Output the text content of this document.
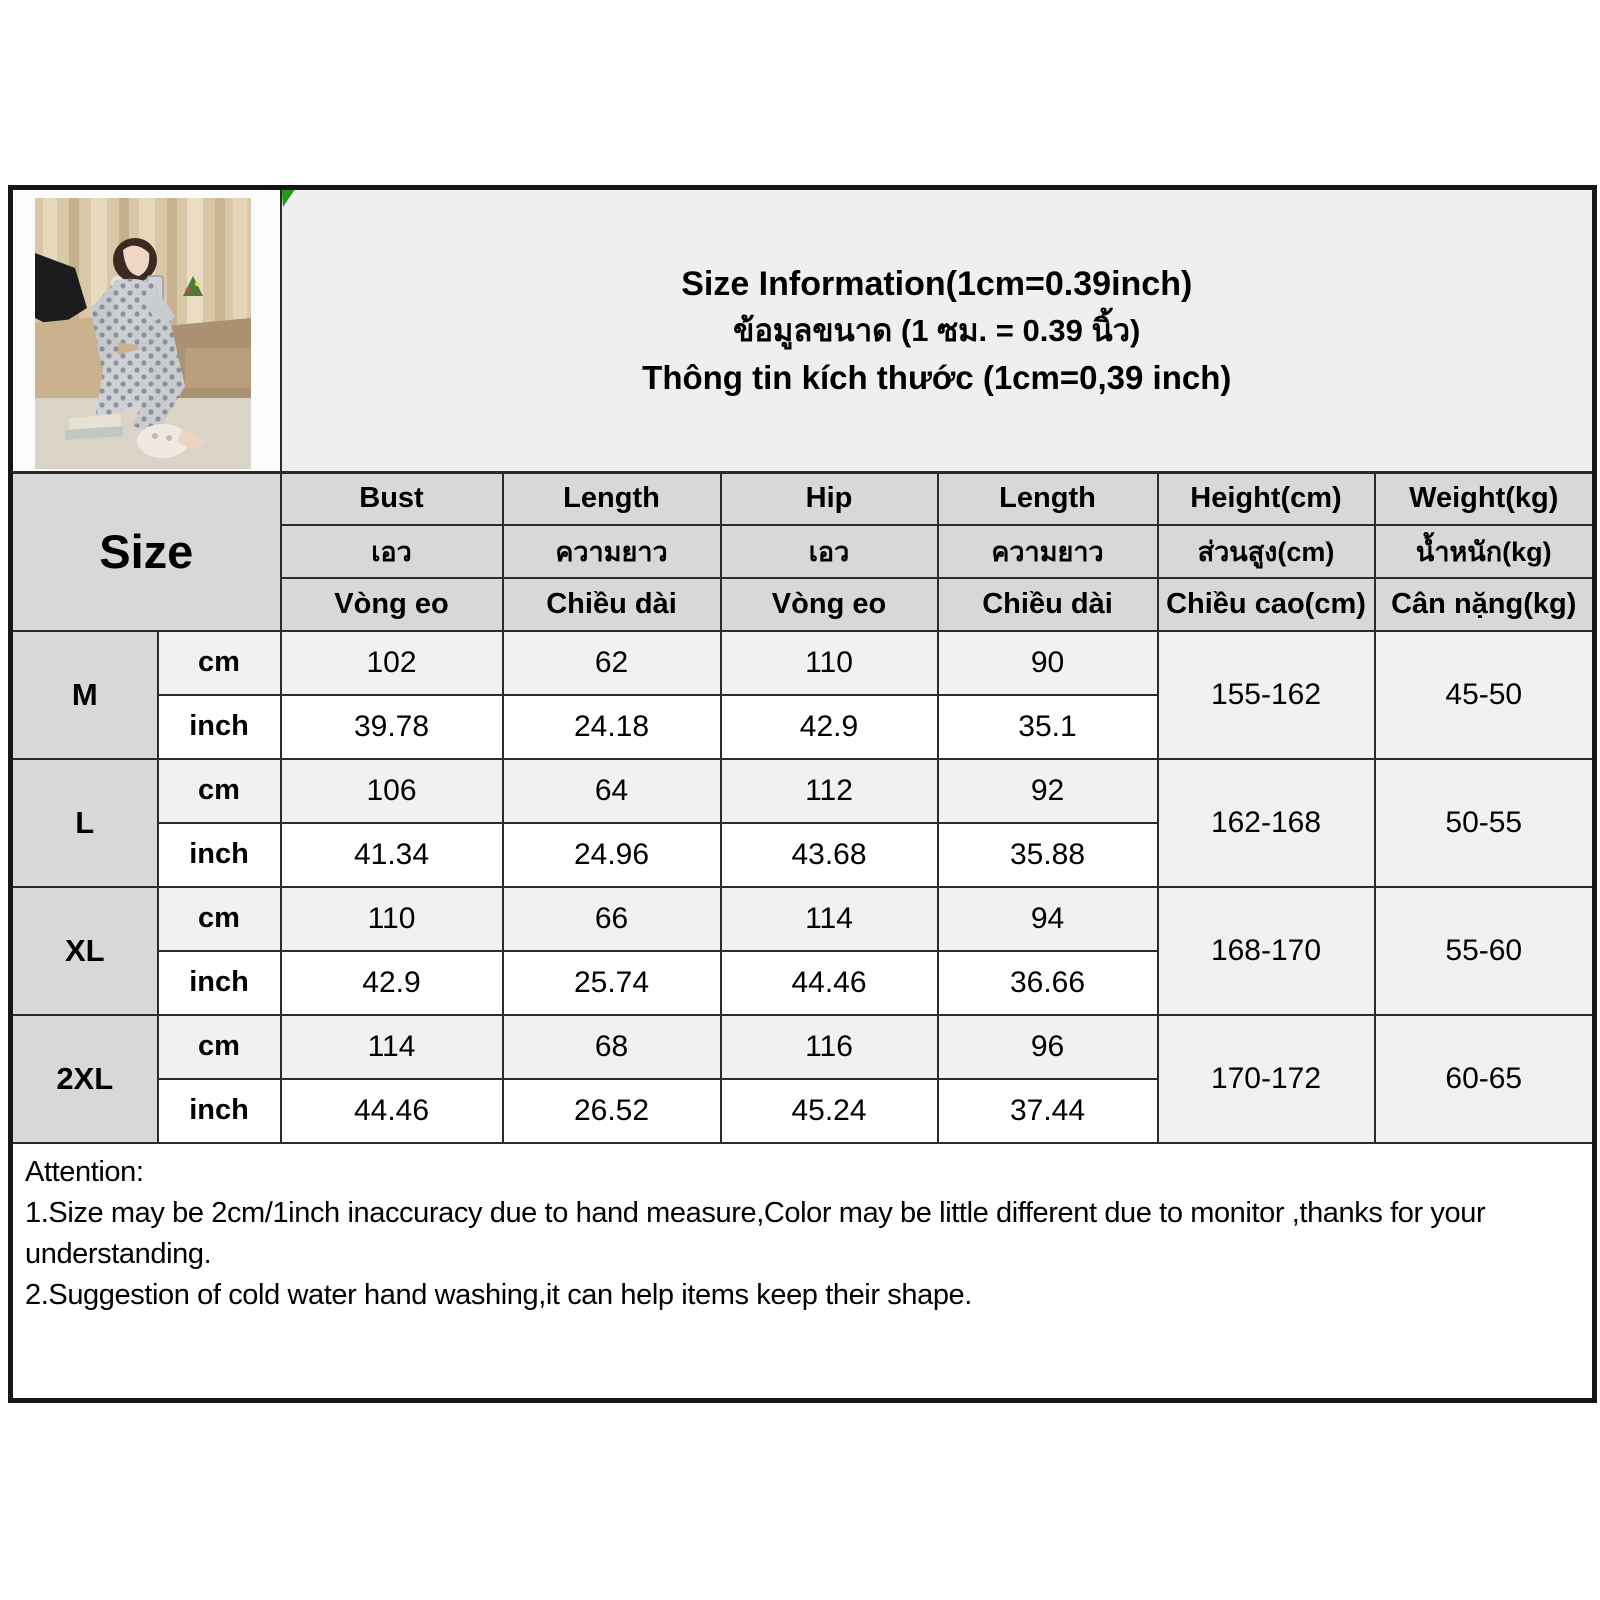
Size Information(1cm=0.39inch)
ข้อมูลขนาด (1 ซม. = 0.39 นิ้ว)
Thông tin kích thước (1cm=0,39 inch)					

Size		Bust	Length	Hip	Length	Height(cm)	Weight(kg)
		เอว	ความยาว	เอว	ความยาว	ส่วนสูง(cm)	น้ำหนัก(kg)
		Vòng eo	Chiều dài	Vòng eo	Chiều dài	Chiều cao(cm)	Cân nặng(kg)
M	cm	102	62	110	90	155-162	45-50
	inch	39.78	24.18	42.9	35.1		
L	cm	106	64	112	92	162-168	50-55
	inch	41.34	24.96	43.68	35.88		
XL	cm	110	66	114	94	168-170	55-60
	inch	42.9	25.74	44.46	36.66		
2XL	cm	114	68	116	96	170-172	60-65
	inch	44.46	26.52	45.24	37.44		

Attention:
1.Size may be 2cm/1inch inaccuracy due to hand measure,Color may be little different due to monitor ,thanks for your understanding.
2.Suggestion of cold water hand washing,it can help items keep their shape.							
